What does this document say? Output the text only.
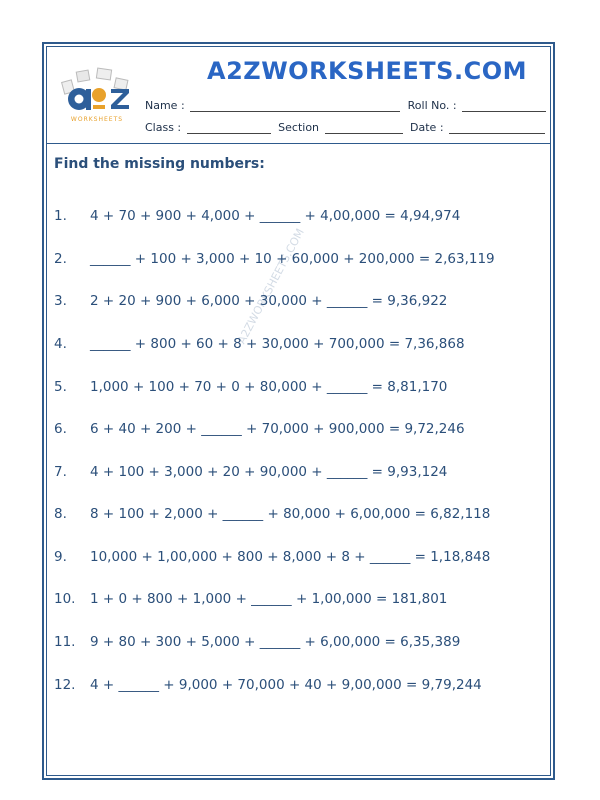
WORKSHEETS
A2ZWORKSHEETS.COM
Name :	Roll No. :
Class :	Section	Date :
Find the missing numbers:
A2ZWORKSHEETS.COM
1. 4 + 70 + 900 + 4,000 + ______ + 4,00,000 = 4,94,974
2. ______ + 100 + 3,000 + 10 + 60,000 + 200,000 = 2,63,119
3. 2 + 20 + 900 + 6,000 + 30,000 + ______ = 9,36,922
4. ______ + 800 + 60 + 8 + 30,000 + 700,000 = 7,36,868
5. 1,000 + 100 + 70 + 0 + 80,000 + ______ = 8,81,170
6. 6 + 40 + 200 + ______ + 70,000 + 900,000 = 9,72,246
7. 4 + 100 + 3,000 + 20 + 90,000 + ______ = 9,93,124
8. 8 + 100 + 2,000 + ______ + 80,000 + 6,00,000 = 6,82,118
9. 10,000 + 1,00,000 + 800 + 8,000 + 8 + ______ = 1,18,848
10. 1 + 0 + 800 + 1,000 + ______ + 1,00,000 = 181,801
11. 9 + 80 + 300 + 5,000 + ______ + 6,00,000 = 6,35,389
12. 4 + ______ + 9,000 + 70,000 + 40 + 9,00,000 = 9,79,244
